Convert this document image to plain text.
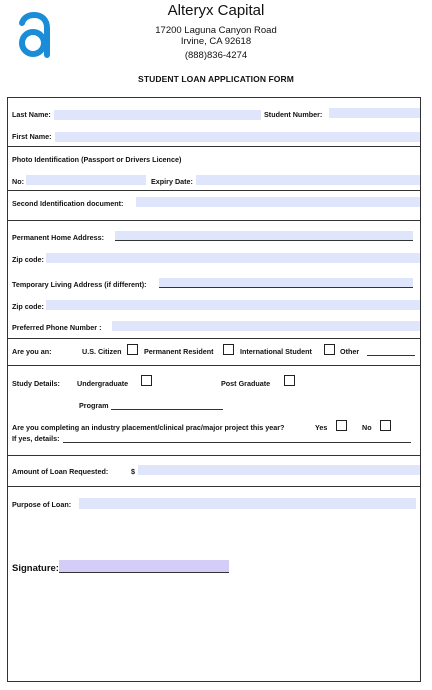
Alteryx Capital
17200 Laguna Canyon Road
Irvine, CA 92618
(888)836-4274
STUDENT LOAN APPLICATION FORM
Last Name:	Student Number:
First Name:
Photo Identification (Passport or Drivers Licence)
No:	Expiry Date:
Second Identification document:
Permanent Home Address:
Zip code:
Temporary Living Address (if different):
Zip code:
Preferred Phone Number :
Are you an:	U.S. Citizen	Permanent Resident	International Student	Other
Study Details: Undergraduate	Post Graduate
Program
Are you completing an industry placement/clinical prac/major project this year?	Yes	No
If yes, details:
Amount of Loan Requested:	$
Purpose of Loan:
Signature:
